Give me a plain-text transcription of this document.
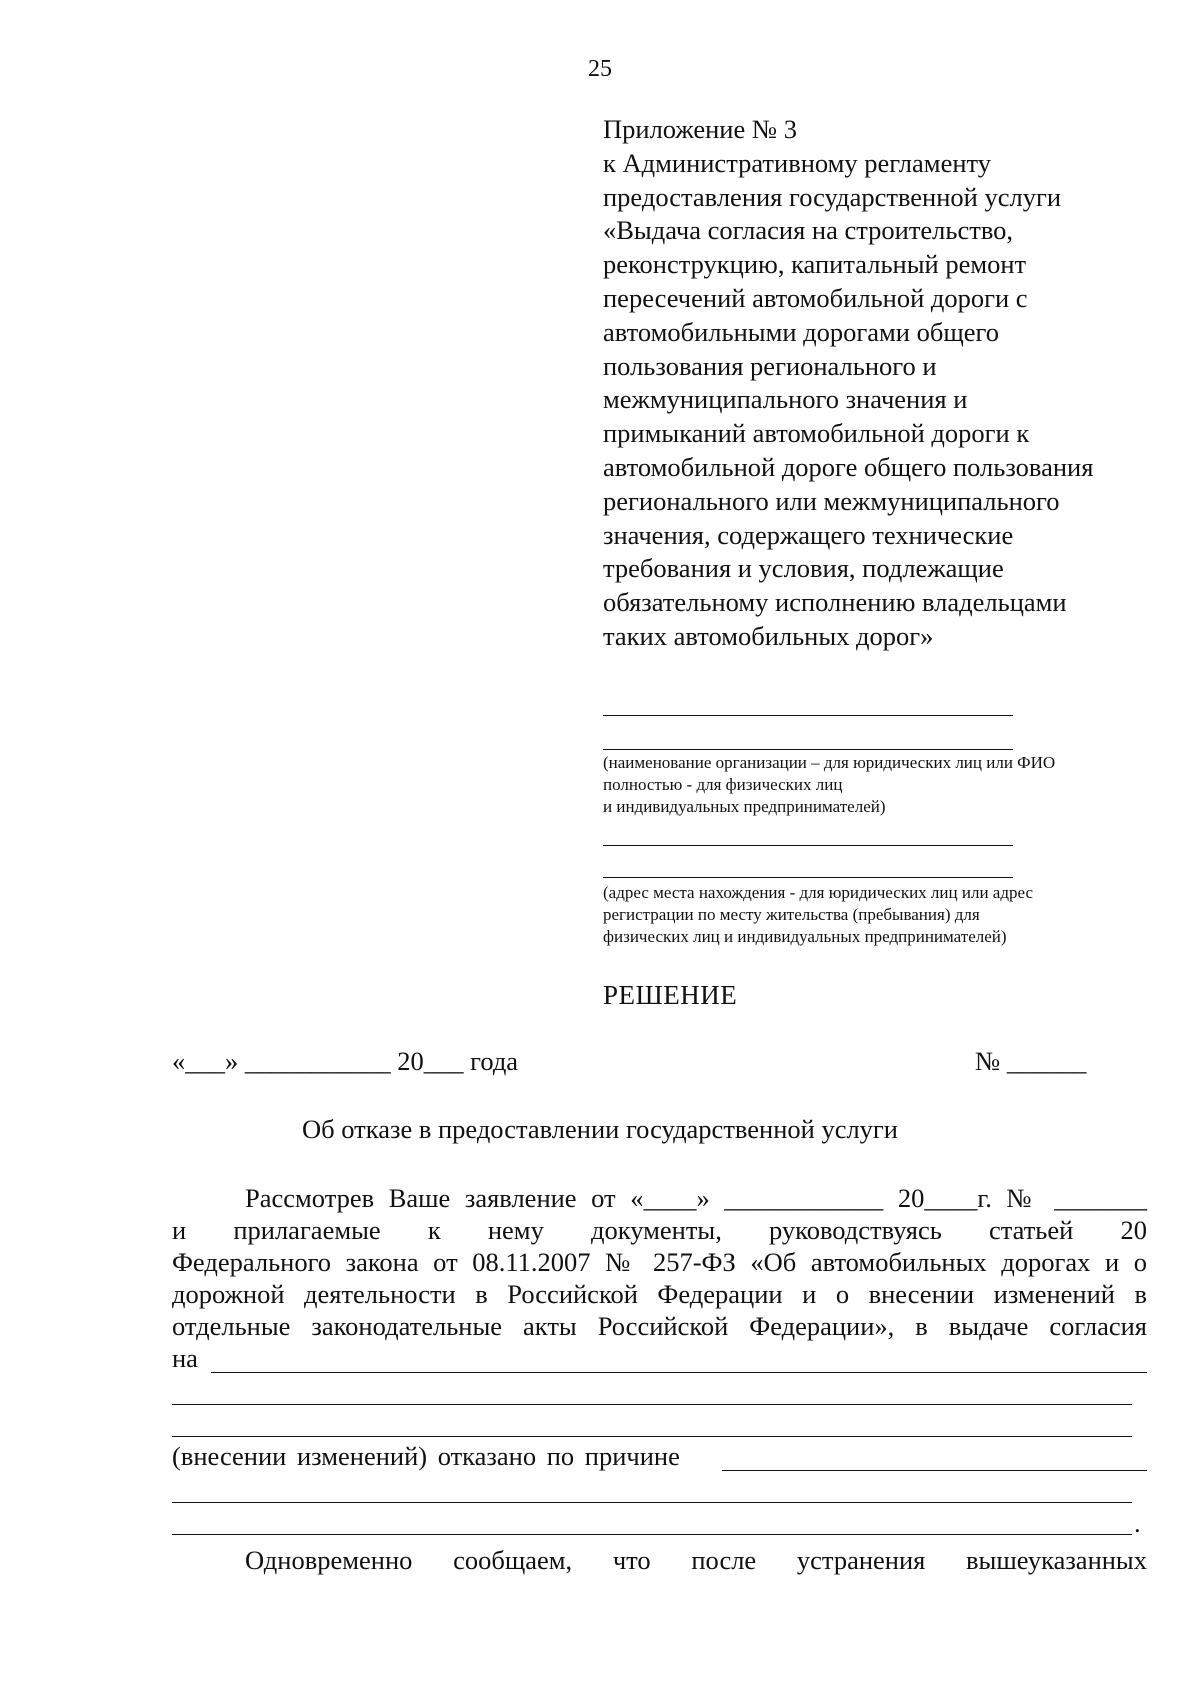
25
Приложение № 3
к Административному регламенту
предоставления государственной услуги
«Выдача согласия на строительство,
реконструкцию, капитальный ремонт
пересечений автомобильной дороги с
автомобильными дорогами общего
пользования регионального и
межмуниципального значения и
примыканий автомобильной дороги к
автомобильной дороге общего пользования
регионального или межмуниципального
значения, содержащего технические
требования и условия, подлежащие
обязательному исполнению владельцами
таких автомобильных дорог»
(наименование организации – для юридических лиц или ФИО
полностью - для физических лиц
и индивидуальных предпринимателей)
(адрес места нахождения - для юридических лиц или адрес
регистрации по месту жительства (пребывания) для
физических лиц и индивидуальных предпринимателей)
РЕШЕНИЕ
«___» ___________ 20___ года	№ ______
Об отказе в предоставлении государственной услуги
Рассмотрев Ваше заявление от «____» ____________ 20____г. № _______
и прилагаемые к нему документы, руководствуясь статьей 20
Федерального закона от 08.11.2007 № 257-ФЗ «Об автомобильных дорогах и о
дорожной деятельности в Российской Федерации и о внесении изменений в
отдельные законодательные акты Российской Федерации», в выдаче согласия
на
(внесении изменений) отказано по причине
.
Одновременно сообщаем, что после устранения вышеуказанных
